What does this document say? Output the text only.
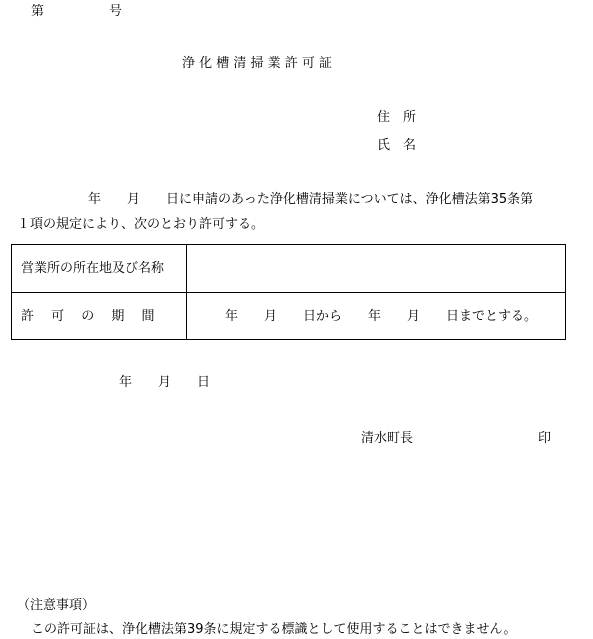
第　　　　　号
浄 化 槽 清 掃 業 許 可 証
住　所
氏　名
年　　月　　日に申請のあった浄化槽清掃業については、浄化槽法第35条第
１項の規定により、次のとおり許可する。
営業所の所在地及び名称
許　 可　 の　 期　 間	年　　月　　日から　　年　　月　　日までとする。
年　　月　　日
清水町長	印
（注意事項）
この許可証は、浄化槽法第39条に規定する標識として使用することはできません。
